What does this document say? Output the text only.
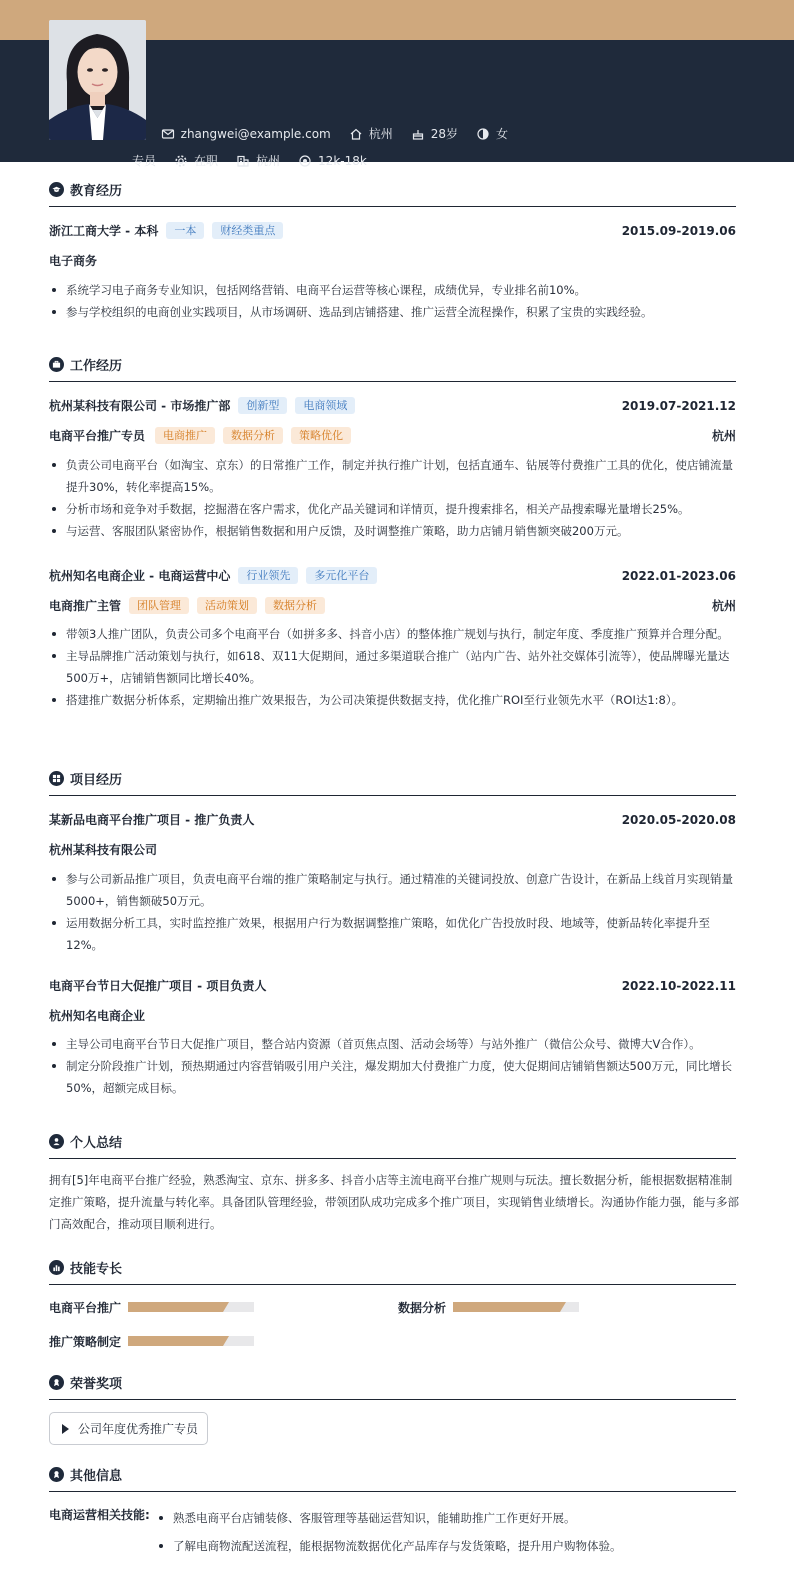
zhangwei@example.com	杭州	28岁	女
专员	在职	杭州	12k-18k
教育经历
浙江工商大学 - 本科	一本	财经类重点	2015.09-2019.06
电子商务
系统学习电子商务专业知识，包括网络营销、电商平台运营等核心课程，成绩优异，专业排名前10%。
参与学校组织的电商创业实践项目，从市场调研、选品到店铺搭建、推广运营全流程操作，积累了宝贵的实践经验。
工作经历
杭州某科技有限公司 - 市场推广部	创新型	电商领域	2019.07-2021.12
电商平台推广专员	电商推广	数据分析	策略优化	杭州
负责公司电商平台（如淘宝、京东）的日常推广工作，制定并执行推广计划，包括直通车、钻展等付费推广工具的优化，使店铺流量提升30%，转化率提高15%。
分析市场和竞争对手数据，挖掘潜在客户需求，优化产品关键词和详情页，提升搜索排名，相关产品搜索曝光量增长25%。
与运营、客服团队紧密协作，根据销售数据和用户反馈，及时调整推广策略，助力店铺月销售额突破200万元。
杭州知名电商企业 - 电商运营中心	行业领先	多元化平台	2022.01-2023.06
电商推广主管	团队管理	活动策划	数据分析	杭州
带领3人推广团队，负责公司多个电商平台（如拼多多、抖音小店）的整体推广规划与执行，制定年度、季度推广预算并合理分配。
主导品牌推广活动策划与执行，如618、双11大促期间，通过多渠道联合推广（站内广告、站外社交媒体引流等），使品牌曝光量达500万+，店铺销售额同比增长40%。
搭建推广数据分析体系，定期输出推广效果报告，为公司决策提供数据支持，优化推广ROI至行业领先水平（ROI达1:8）。
项目经历
某新品电商平台推广项目 - 推广负责人	2020.05-2020.08
杭州某科技有限公司
参与公司新品推广项目，负责电商平台端的推广策略制定与执行。通过精准的关键词投放、创意广告设计，在新品上线首月实现销量5000+，销售额破50万元。
运用数据分析工具，实时监控推广效果，根据用户行为数据调整推广策略，如优化广告投放时段、地域等，使新品转化率提升至12%。
电商平台节日大促推广项目 - 项目负责人	2022.10-2022.11
杭州知名电商企业
主导公司电商平台节日大促推广项目，整合站内资源（首页焦点图、活动会场等）与站外推广（微信公众号、微博大V合作）。
制定分阶段推广计划，预热期通过内容营销吸引用户关注，爆发期加大付费推广力度，使大促期间店铺销售额达500万元，同比增长50%，超额完成目标。
个人总结
拥有[5]年电商平台推广经验，熟悉淘宝、京东、拼多多、抖音小店等主流电商平台推广规则与玩法。擅长数据分析，能根据数据精准制定推广策略，提升流量与转化率。具备团队管理经验，带领团队成功完成多个推广项目，实现销售业绩增长。沟通协作能力强，能与多部门高效配合，推动项目顺利进行。
技能专长
电商平台推广	数据分析
推广策略制定
荣誉奖项
公司年度优秀推广专员
其他信息
电商运营相关技能:	熟悉电商平台店铺装修、客服管理等基础运营知识，能辅助推广工作更好开展。
了解电商物流配送流程，能根据物流数据优化产品库存与发货策略，提升用户购物体验。
